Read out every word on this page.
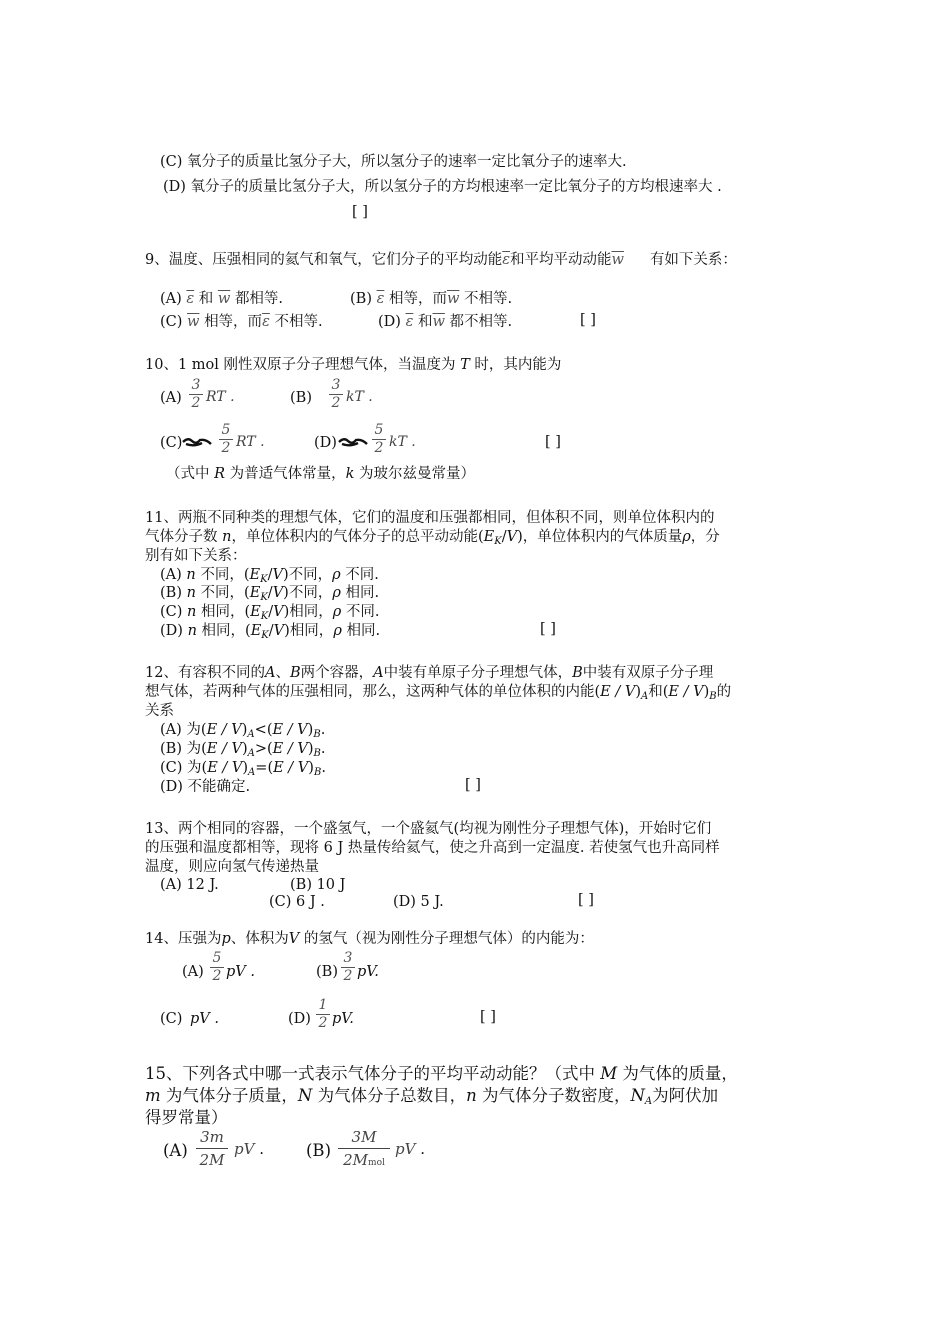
(C) 氧分子的质量比氢分子大，所以氢分子的速率一定比氧分子的速率大.
(D) 氧分子的质量比氢分子大，所以氢分子的方均根速率一定比氧分子的方均根速率大 .
[ ]
9、温度、压强相同的氦气和氧气，它们分子的平均动能$\overline{\varepsilon}$和平均平动动能$\overline{w}$ 有如下关系：
(A) $\overline{\varepsilon}$ 和 $\overline{w}$ 都相等.	(B) $\overline{\varepsilon}$ 相等，而$\overline{w}$ 不相等.
(C) $\overline{w}$ 相等，而$\overline{\varepsilon}$ 不相等.	(D) $\overline{\varepsilon}$ 和$\overline{w}$ 都不相等.	[ ]
10、1 mol 刚性双原子分子理想气体，当温度为 T 时，其内能为
(A)
3
2 RT .	(B)
3
2 kT .
(C)
5
2 RT .	(D)
5
2 kT .	[ ]
（式中 R 为普适气体常量，k 为玻尔兹曼常量）
11、两瓶不同种类的理想气体，它们的温度和压强都相同，但体积不同，则单位体积内的
气体分子数 n，单位体积内的气体分子的总平动动能$(E_K/V)$，单位体积内的气体质量ρ，分
别有如下关系：
(A) n 不同，$(E_K/V)$不同，ρ 不同.
(B) n 不同，$(E_K/V)$不同，ρ 相同.
(C) n 相同，$(E_K/V)$相同，ρ 不同.
(D) n 相同，$(E_K/V)$相同，ρ 相同.	[ ]
12、有容积不同的A、B两个容器，A中装有单原子分子理想气体，B中装有双原子分子理
想气体，若两种气体的压强相同，那么，这两种气体的单位体积的内能$(E / V)_A$和$(E / V)_B$的
关系
(A) 为$(E / V)_A<(E / V)_B$.
(B) 为$(E / V)_A>(E / V)_B$.
(C) 为$(E / V)_A=(E / V)_B$.
(D) 不能确定.	[ ]
13、两个相同的容器，一个盛氢气，一个盛氦气(均视为刚性分子理想气体)，开始时它们
的压强和温度都相等，现将 6 J 热量传给氦气，使之升高到一定温度. 若使氢气也升高同样
温度，则应向氢气传递热量
(A) 12 J.	(B) 10 J
(C) 6 J .	(D) 5 J.	[ ]
14、压强为p、体积为V 的氢气（视为刚性分子理想气体）的内能为：
(A)
5
2 pV .	(B)
3
2 pV.
(C) pV .	(D)
1
2 pV.	[ ]
15、下列各式中哪一式表示气体分子的平均平动动能？（式中 M 为气体的质量，
m 为气体分子质量，N 为气体分子总数目，n 为气体分子数密度，$N_A$为阿伏加
得罗常量）
(A)
3m
2M
pV .	(B)
3M
2Mmol
pV .
